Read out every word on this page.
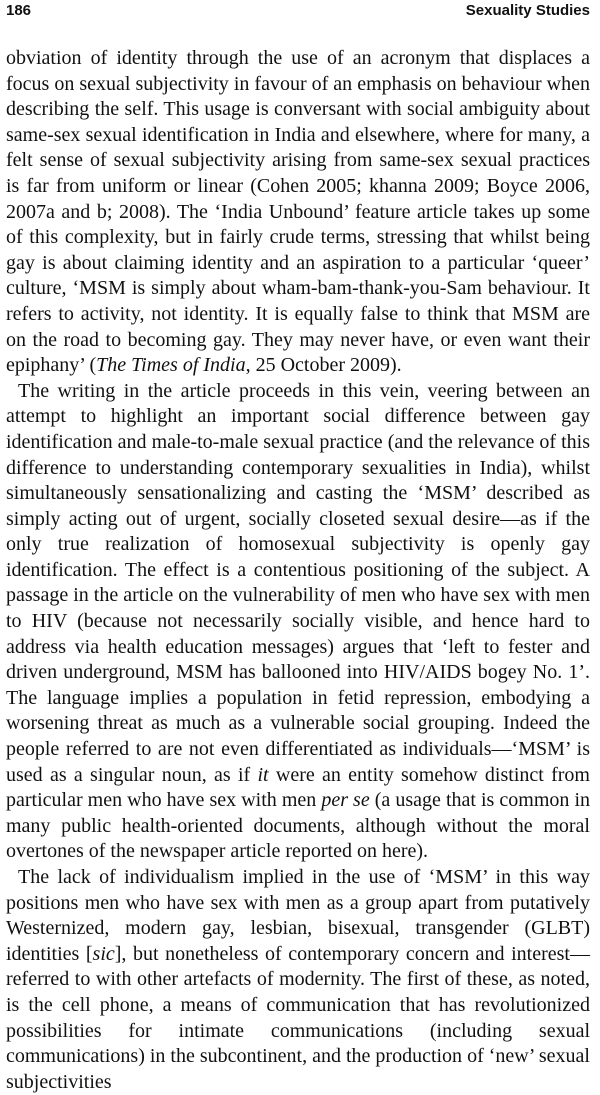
186	Sexuality Studies

obviation of identity through the use of an acronym that displaces a focus on sexual subjectivity in favour of an emphasis on behaviour when describing the self. This usage is conversant with social ambiguity about same-sex sexual identification in India and elsewhere, where for many, a felt sense of sexual subjectivity arising from same-sex sexual practices is far from uniform or linear (Cohen 2005; khanna 2009; Boyce 2006, 2007a and b; 2008). The ‘India Unbound’ feature article takes up some of this complexity, but in fairly crude terms, stressing that whilst being gay is about claiming identity and an aspiration to a particular ‘queer’ culture, ‘MSM is simply about wham-bam-thank-you-Sam behaviour. It refers to activity, not identity. It is equally false to think that MSM are on the road to becoming gay. They may never have, or even want their epiphany’ (The Times of India, 25 October 2009).

The writing in the article proceeds in this vein, veering between an attempt to highlight an important social difference between gay identification and male-to-male sexual practice (and the relevance of this difference to understanding contemporary sexualities in India), whilst simultaneously sensationalizing and casting the ‘MSM’ described as simply acting out of urgent, socially closeted sexual desire—as if the only true realization of homosexual subjectivity is openly gay identification. The effect is a contentious positioning of the subject. A passage in the article on the vulnerability of men who have sex with men to HIV (because not necessarily socially visible, and hence hard to address via health education messages) argues that ‘left to fester and driven underground, MSM has ballooned into HIV/AIDS bogey No. 1’. The language implies a population in fetid repression, embodying a worsening threat as much as a vulnerable social grouping. Indeed the people referred to are not even differentiated as individuals—‘MSM’ is used as a singular noun, as if it were an entity somehow distinct from particular men who have sex with men per se (a usage that is common in many public health-oriented documents, although without the moral overtones of the newspaper article reported on here).

The lack of individualism implied in the use of ‘MSM’ in this way positions men who have sex with men as a group apart from putatively Westernized, modern gay, lesbian, bisexual, transgender (GLBT) identities [sic], but nonetheless of contemporary concern and interest—referred to with other artefacts of modernity. The first of these, as noted, is the cell phone, a means of communication that has revolutionized possibilities for intimate communications (including sexual communications) in the subcontinent, and the production of ‘new’ sexual subjectivities
